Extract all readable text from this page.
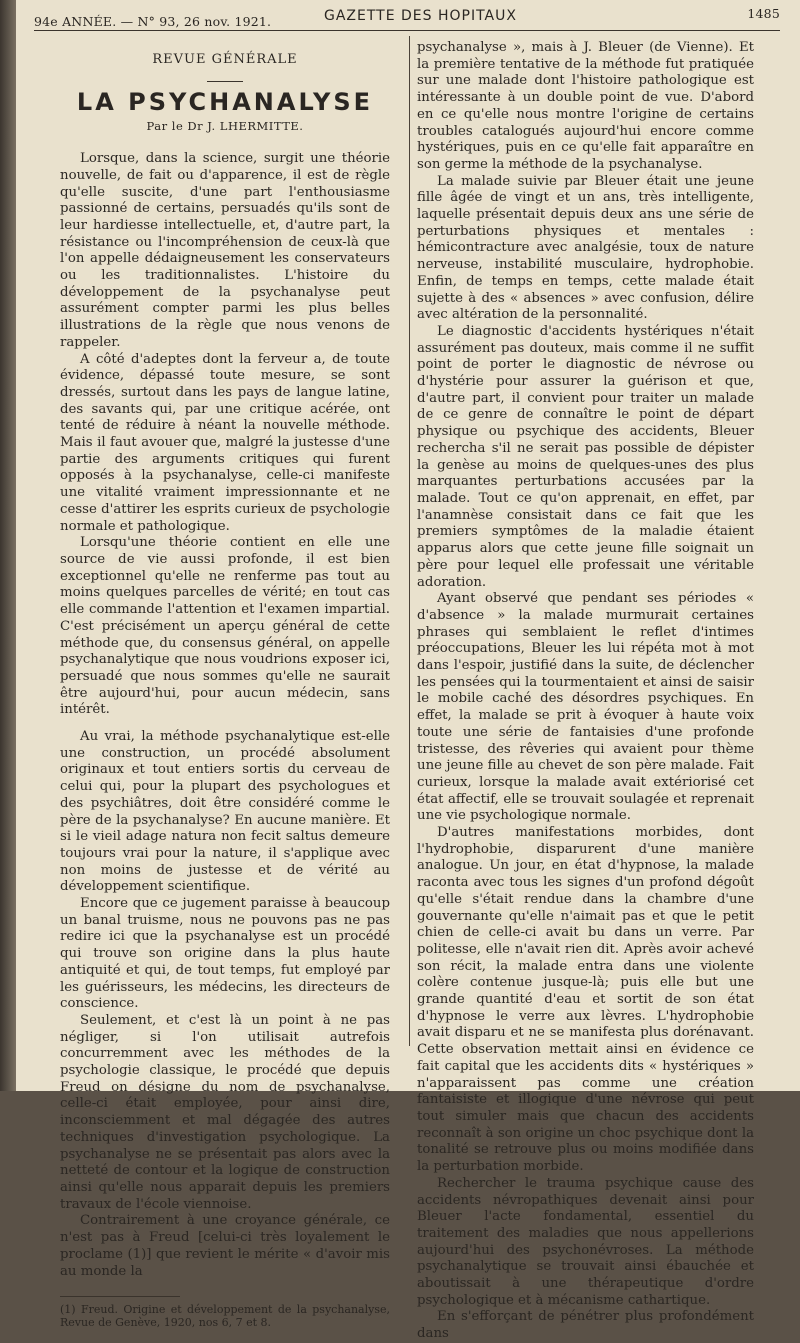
94e ANNÉE. — N° 93, 26 nov. 1921.	GAZETTE DES HOPITAUX	1485
REVUE GÉNÉRALE
LA PSYCHANALYSE
Par le Dr J. LHERMITTE.

Lorsque, dans la science, surgit une théorie nouvelle, de fait ou d'apparence, il est de règle qu'elle suscite, d'une part l'enthousiasme passionné de certains, persuadés qu'ils sont de leur hardiesse intellectuelle, et, d'autre part, la résistance ou l'incompréhension de ceux-là que l'on appelle dédaigneusement les conservateurs ou les traditionnalistes. L'histoire du développement de la psychanalyse peut assurément compter parmi les plus belles illustrations de la règle que nous venons de rappeler.

A côté d'adeptes dont la ferveur a, de toute évidence, dépassé toute mesure, se sont dressés, surtout dans les pays de langue latine, des savants qui, par une critique acérée, ont tenté de réduire à néant la nouvelle méthode. Mais il faut avouer que, malgré la justesse d'une partie des arguments critiques qui furent opposés à la psychanalyse, celle-ci manifeste une vitalité vraiment impressionnante et ne cesse d'attirer les esprits curieux de psychologie normale et pathologique.

Lorsqu'une théorie contient en elle une source de vie aussi profonde, il est bien exceptionnel qu'elle ne renferme pas tout au moins quelques parcelles de vérité; en tout cas elle commande l'attention et l'examen impartial. C'est précisément un aperçu général de cette méthode que, du consensus général, on appelle psychanalytique que nous voudrions exposer ici, persuadé que nous sommes qu'elle ne saurait être aujourd'hui, pour aucun médecin, sans intérêt.

Au vrai, la méthode psychanalytique est-elle une construction, un procédé absolument originaux et tout entiers sortis du cerveau de celui qui, pour la plupart des psychologues et des psychiâtres, doit être considéré comme le père de la psychanalyse? En aucune manière. Et si le vieil adage natura non fecit saltus demeure toujours vrai pour la nature, il s'applique avec non moins de justesse et de vérité au développement scientifique.

Encore que ce jugement paraisse à beaucoup un banal truisme, nous ne pouvons pas ne pas redire ici que la psychanalyse est un procédé qui trouve son origine dans la plus haute antiquité et qui, de tout temps, fut employé par les guérisseurs, les médecins, les directeurs de conscience.

Seulement, et c'est là un point à ne pas négliger, si l'on utilisait autrefois concurremment avec les méthodes de la psychologie classique, le procédé que depuis Freud on désigne du nom de psychanalyse, celle-ci était employée, pour ainsi dire, inconsciemment et mal dégagée des autres techniques d'investigation psychologique. La psychanalyse ne se présentait pas alors avec la netteté de contour et la logique de construction ainsi qu'elle nous apparait depuis les premiers travaux de l'école viennoise.

Contrairement à une croyance générale, ce n'est pas à Freud [celui-ci très loyalement le proclame (1)] que revient le mérite « d'avoir mis au monde la

(1) Freud. Origine et développement de la psychanalyse, Revue de Genève, 1920, nos 6, 7 et 8.

psychanalyse », mais à J. Bleuer (de Vienne). Et la première tentative de la méthode fut pratiquée sur une malade dont l'histoire pathologique est intéressante à un double point de vue. D'abord en ce qu'elle nous montre l'origine de certains troubles catalogués aujourd'hui encore comme hystériques, puis en ce qu'elle fait apparaître en son germe la méthode de la psychanalyse.

La malade suivie par Bleuer était une jeune fille âgée de vingt et un ans, très intelligente, laquelle présentait depuis deux ans une série de perturbations physiques et mentales : hémicontracture avec analgésie, toux de nature nerveuse, instabilité musculaire, hydrophobie. Enfin, de temps en temps, cette malade était sujette à des « absences » avec confusion, délire avec altération de la personnalité.

Le diagnostic d'accidents hystériques n'était assurément pas douteux, mais comme il ne suffit point de porter le diagnostic de névrose ou d'hystérie pour assurer la guérison et que, d'autre part, il convient pour traiter un malade de ce genre de connaître le point de départ physique ou psychique des accidents, Bleuer rechercha s'il ne serait pas possible de dépister la genèse au moins de quelques-unes des plus marquantes perturbations accusées par la malade. Tout ce qu'on apprenait, en effet, par l'anamnèse consistait dans ce fait que les premiers symptômes de la maladie étaient apparus alors que cette jeune fille soignait un père pour lequel elle professait une véritable adoration.

Ayant observé que pendant ses périodes « d'absence » la malade murmurait certaines phrases qui semblaient le reflet d'intimes préoccupations, Bleuer les lui répéta mot à mot dans l'espoir, justifié dans la suite, de déclencher les pensées qui la tourmentaient et ainsi de saisir le mobile caché des désordres psychiques. En effet, la malade se prit à évoquer à haute voix toute une série de fantaisies d'une profonde tristesse, des rêveries qui avaient pour thème une jeune fille au chevet de son père malade. Fait curieux, lorsque la malade avait extériorisé cet état affectif, elle se trouvait soulagée et reprenait une vie psychologique normale.

D'autres manifestations morbides, dont l'hydrophobie, disparurent d'une manière analogue. Un jour, en état d'hypnose, la malade raconta avec tous les signes d'un profond dégoût qu'elle s'était rendue dans la chambre d'une gouvernante qu'elle n'aimait pas et que le petit chien de celle-ci avait bu dans un verre. Par politesse, elle n'avait rien dit. Après avoir achevé son récit, la malade entra dans une violente colère contenue jusque-là; puis elle but une grande quantité d'eau et sortit de son état d'hypnose le verre aux lèvres. L'hydrophobie avait disparu et ne se manifesta plus dorénavant. Cette observation mettait ainsi en évidence ce fait capital que les accidents dits « hystériques » n'apparaissent pas comme une création fantaisiste et illogique d'une névrose qui peut tout simuler mais que chacun des accidents reconnaît à son origine un choc psychique dont la tonalité se retrouve plus ou moins modifiée dans la perturbation morbide.

Rechercher le trauma psychique cause des accidents névropathiques devenait ainsi pour Bleuer l'acte fondamental, essentiel du traitement des maladies que nous appellerions aujourd'hui des psychonévroses. La méthode psychanalytique se trouvait ainsi ébauchée et aboutissait à une thérapeutique d'ordre psychologique et à mécanisme cathartique.

En s'efforçant de pénétrer plus profondément dans
